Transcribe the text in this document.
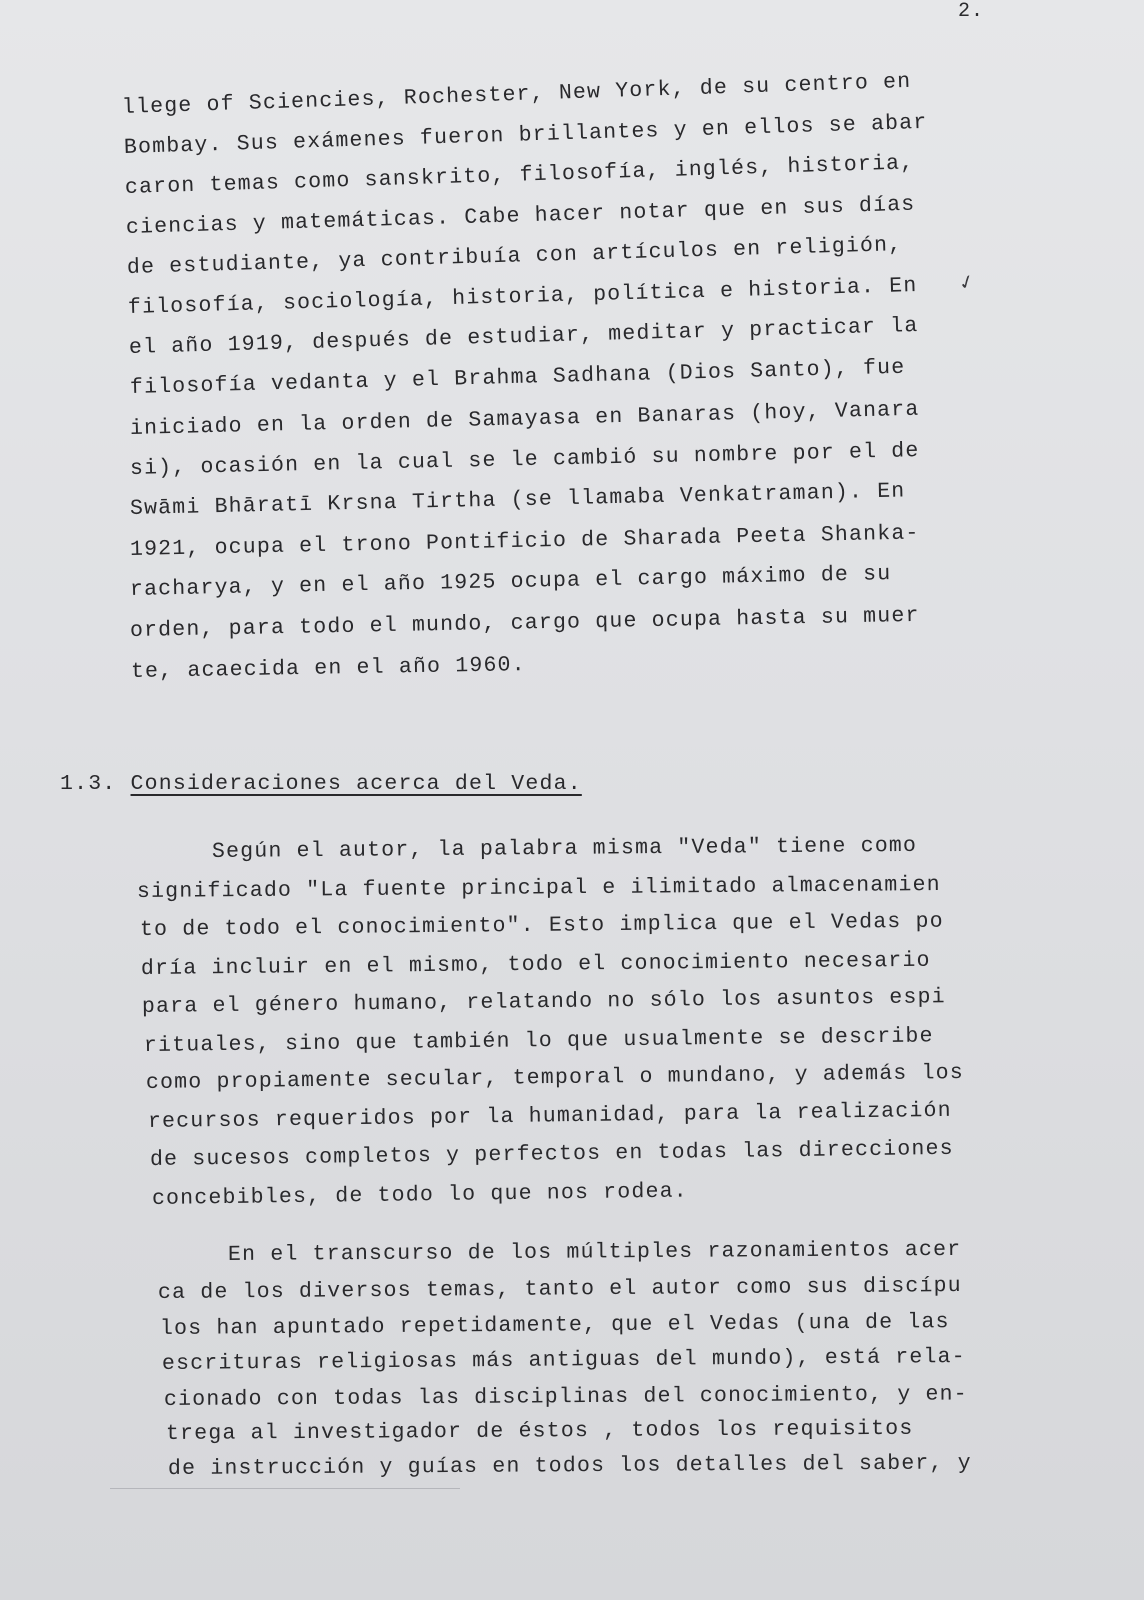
2.
✓
llege of Sciencies, Rochester, New York, de su centro en
Bombay. Sus exámenes fueron brillantes y en ellos se abar
caron temas como sanskrito, filosofía, inglés, historia,
ciencias y matemáticas. Cabe hacer notar que en sus días
de estudiante, ya contribuía con artículos en religión,
filosofía, sociología, historia, política e historia. En
el año 1919, después de estudiar, meditar y practicar la
filosofía vedanta y el Brahma Sadhana (Dios Santo), fue
iniciado en la orden de Samayasa en Banaras (hoy, Vanara
si), ocasión en la cual se le cambió su nombre por el de
Swāmi Bhāratī Krsna Tirtha (se llamaba Venkatraman). En
1921, ocupa el trono Pontificio de Sharada Peeta Shanka-
racharya, y en el año 1925 ocupa el cargo máximo de su
orden, para todo el mundo, cargo que ocupa hasta su muer
te, acaecida en el año 1960.
1.3. Consideraciones acerca del Veda.
Según el autor, la palabra misma "Veda" tiene como
significado "La fuente principal e ilimitado almacenamien
to de todo el conocimiento". Esto implica que el Vedas po
dría incluir en el mismo, todo el conocimiento necesario
para el género humano, relatando no sólo los asuntos espi
rituales, sino que también lo que usualmente se describe
como propiamente secular, temporal o mundano, y además los
recursos requeridos por la humanidad, para la realización
de sucesos completos y perfectos en todas las direcciones
concebibles, de todo lo que nos rodea.
En el transcurso de los múltiples razonamientos acer
ca de los diversos temas, tanto el autor como sus discípu
los han apuntado repetidamente, que el Vedas (una de las
escrituras religiosas más antiguas del mundo), está rela-
cionado con todas las disciplinas del conocimiento, y en-
trega al investigador de éstos , todos los requisitos
de instrucción y guías en todos los detalles del saber, y
